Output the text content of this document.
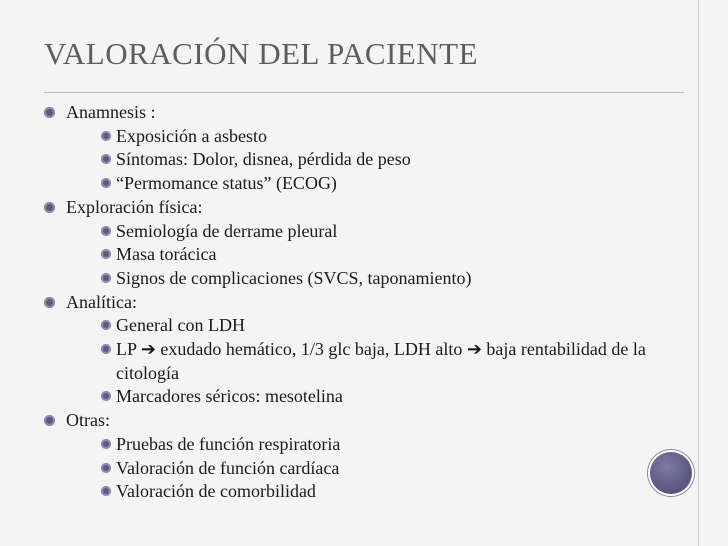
VALORACIÓN DEL PACIENTE
Anamnesis :
Exposición a asbesto
Síntomas: Dolor, disnea, pérdida de peso
“Permomance status” (ECOG)
Exploración física:
Semiología de derrame pleural
Masa torácica
Signos de complicaciones (SVCS, taponamiento)
Analítica:
General con LDH
LP ➔ exudado hemático, 1/3 glc baja, LDH alto ➔ baja rentabilidad de la citología
Marcadores séricos: mesotelina
Otras:
Pruebas de función respiratoria
Valoración de función cardíaca
Valoración de comorbilidad
